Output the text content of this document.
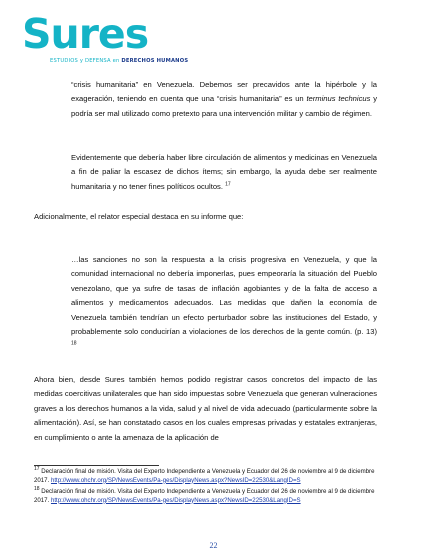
Sures
ESTUDIOS y DEFENSA en DERECHOS HUMANOS
“crisis humanitaria” en Venezuela. Debemos ser precavidos ante la hipérbole y la exageración, teniendo en cuenta que una “crisis humanitaria” es un terminus technicus y podría ser mal utilizado como pretexto para una intervención militar y cambio de régimen.
Evidentemente que debería haber libre circulación de alimentos y medicinas en Venezuela a fin de paliar la escasez de dichos ítems; sin embargo, la ayuda debe ser realmente humanitaria y no tener fines políticos ocultos. $^{17}$
Adicionalmente, el relator especial destaca en su informe que:
…las sanciones no son la respuesta a la crisis progresiva en Venezuela, y que la comunidad internacional no debería imponerlas, pues empeoraría la situación del Pueblo venezolano, que ya sufre de tasas de inflación agobiantes y de la falta de acceso a alimentos y medicamentos adecuados. Las medidas que dañen la economía de Venezuela también tendrían un efecto perturbador sobre las instituciones del Estado, y probablemente solo conducirían a violaciones de los derechos de la gente común. (p. 13) $^{18}$
Ahora bien, desde Sures también hemos podido registrar casos concretos del impacto de las medidas coercitivas unilaterales que han sido impuestas sobre Venezuela que generan vulneraciones graves a los derechos humanos a la vida, salud y al nivel de vida adecuado (particularmente sobre la alimentación). Así, se han constatado casos en los cuales empresas privadas y estatales extranjeras, en cumplimiento o ante la amenaza de la aplicación de
$^{17}$ Declaración final de misión. Visita del Experto Independiente a Venezuela y Ecuador del 26 de noviembre al 9 de diciembre 2017. http://www.ohchr.org/SP/NewsEvents/Pa-ges/DisplayNews.aspx?NewsID=22530&LangID=S
$^{18}$ Declaración final de misión. Visita del Experto Independiente a Venezuela y Ecuador del 26 de noviembre al 9 de diciembre 2017. http://www.ohchr.org/SP/NewsEvents/Pa-ges/DisplayNews.aspx?NewsID=22530&LangID=S
22
